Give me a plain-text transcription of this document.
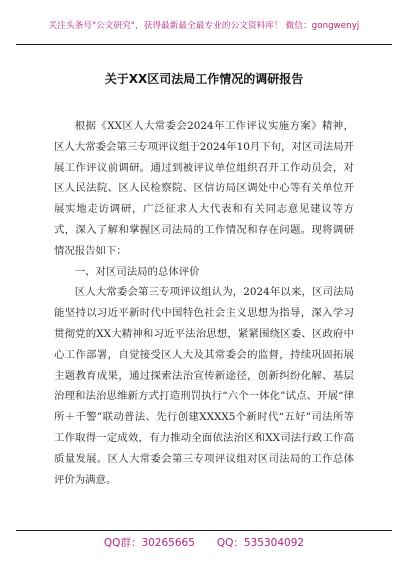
关注头条号"公文研究"，获得最新最全最专业的公文资料库！ 微信：gongwenyj
关于XX区司法局工作情况的调研报告

根据《XX区人大常委会2024年工作评议实施方案》精神，区人大常委会第三专项评议组于2024年10月下旬，对区司法局开展工作评议前调研。通过到被评议单位组织召开工作动员会，对区人民法院、区人民检察院、区信访局区调处中心等有关单位开展实地走访调研，广泛征求人大代表和有关同志意见建议等方式，深入了解和掌握区司法局的工作情况和存在问题。现将调研情况报告如下：

一、对区司法局的总体评价

区人大常委会第三专项评议组认为，2024年以来，区司法局能坚持以习近平新时代中国特色社会主义思想为指导，深入学习贯彻党的XX大精神和习近平法治思想，紧紧围绕区委、区政府中心工作部署，自觉接受区人大及其常委会的监督，持续巩固拓展主题教育成果，通过探索法治宣传新途径，创新纠纷化解、基层治理和法治思维新方式打造刑罚执行“六个一体化”试点、开展“律所＋千警”联动普法、先行创建XXXX5个新时代“五好”司法所等工作取得一定成效，有力推动全面依法治区和XX司法行政工作高质量发展。区人大常委会第三专项评议组对区司法局的工作总体评价为满意。

QQ群：30265665 QQ：535304092
